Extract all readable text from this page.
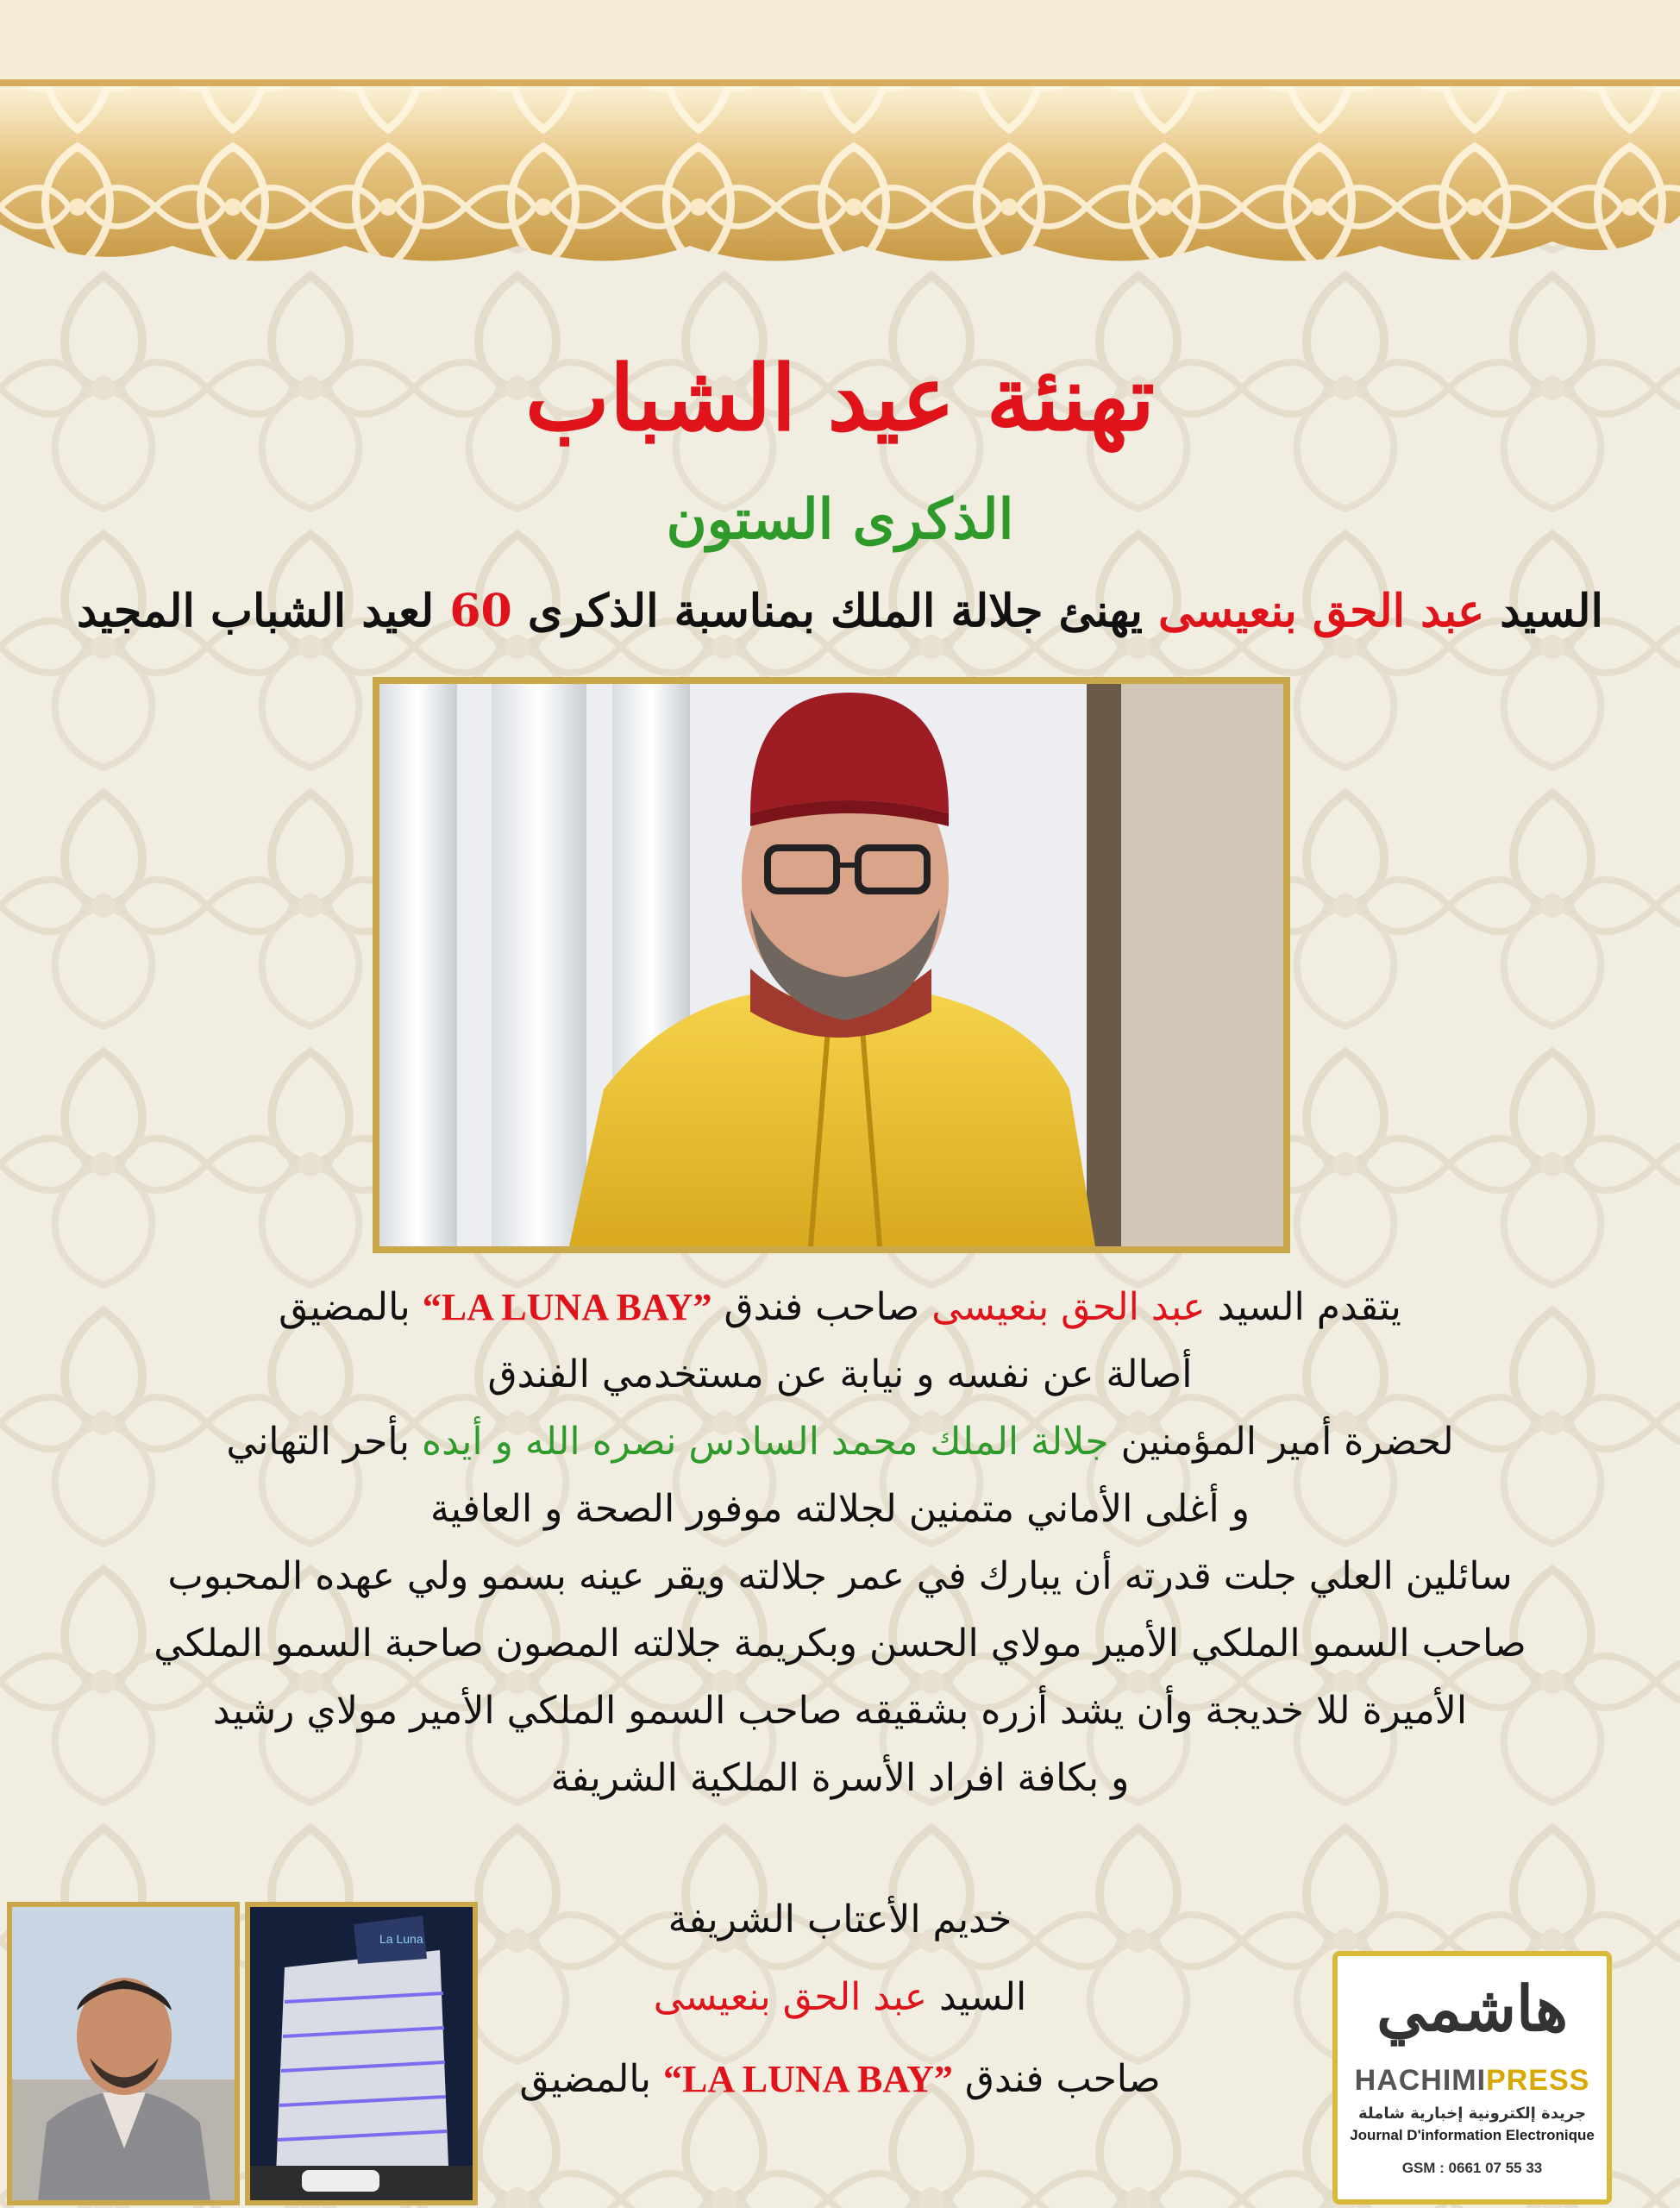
تهنئة عيد الشباب
الذكرى الستون
السيد عبد الحق بنعيسى يهنئ جلالة الملك بمناسبة الذكرى 60 لعيد الشباب المجيد
يتقدم السيد عبد الحق بنعيسى صاحب فندق “LA LUNA BAY” بالمضيق
أصالة عن نفسه و نيابة عن مستخدمي الفندق
لحضرة أمير المؤمنين جلالة الملك محمد السادس نصره الله و أيده بأحر التهاني
و أغلى الأماني متمنين لجلالته موفور الصحة و العافية
سائلين العلي جلت قدرته أن يبارك في عمر جلالته ويقر عينه بسمو ولي عهده المحبوب
صاحب السمو الملكي الأمير مولاي الحسن وبكريمة جلالته المصون صاحبة السمو الملكي
الأميرة للا خديجة وأن يشد أزره بشقيقه صاحب السمو الملكي الأمير مولاي رشيد
و بكافة افراد الأسرة الملكية الشريفة
خديم الأعتاب الشريفة
السيد عبد الحق بنعيسى
صاحب فندق “LA LUNA BAY” بالمضيق
La Luna
هاشمي
HACHIMIPRESS
جريدة إلكترونية إخبارية شاملة
Journal D'information Electronique
GSM : 0661 07 55 33
